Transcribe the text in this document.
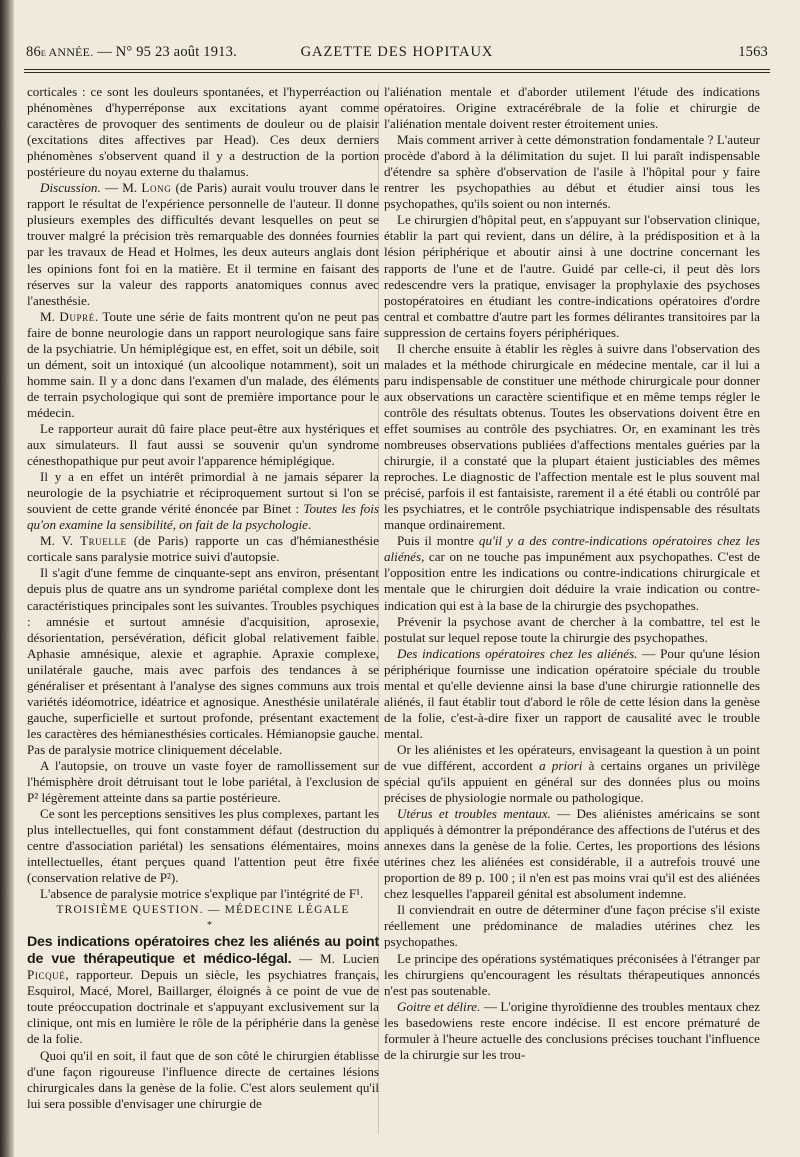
86e ANNÉE. — N° 95 23 août 1913.	GAZETTE DES HOPITAUX	1563

corticales : ce sont les douleurs spontanées, et l'hyperréaction ou phénomènes d'hyperréponse aux excitations ayant comme caractères de provoquer des sentiments de douleur ou de plaisir (excitations dites affectives par Head). Ces deux derniers phénomènes s'observent quand il y a destruction de la portion postérieure du noyau externe du thalamus.

Discussion. — M. Long (de Paris) aurait voulu trouver dans le rapport le résultat de l'expérience personnelle de l'auteur. Il donne plusieurs exemples des difficultés devant lesquelles on peut se trouver malgré la précision très remarquable des données fournies par les travaux de Head et Holmes, les deux auteurs anglais dont les opinions font foi en la matière. Et il termine en faisant des réserves sur la valeur des rapports anatomiques connus avec l'anesthésie.

M. Dupré. Toute une série de faits montrent qu'on ne peut pas faire de bonne neurologie dans un rapport neurologique sans faire de la psychiatrie. Un hémiplégique est, en effet, soit un débile, soit un dément, soit un intoxiqué (un alcoolique notamment), soit un homme sain. Il y a donc dans l'examen d'un malade, des éléments de terrain psychologique qui sont de première importance pour le médecin.

Le rapporteur aurait dû faire place peut-être aux hystériques et aux simulateurs. Il faut aussi se souvenir qu'un syndrome cénesthopathique pur peut avoir l'apparence hémiplégique.

Il y a en effet un intérêt primordial à ne jamais séparer la neurologie de la psychiatrie et réciproquement surtout si l'on se souvient de cette grande vérité énoncée par Binet : Toutes les fois qu'on examine la sensibilité, on fait de la psychologie.

M. V. Truelle (de Paris) rapporte un cas d'hémianesthésie corticale sans paralysie motrice suivi d'autopsie.

Il s'agit d'une femme de cinquante-sept ans environ, présentant depuis plus de quatre ans un syndrome pariétal complexe dont les caractéristiques principales sont les suivantes. Troubles psychiques : amnésie et surtout amnésie d'acquisition, aprosexie, désorientation, persévération, déficit global relativement faible. Aphasie amnésique, alexie et agraphie. Apraxie complexe, unilatérale gauche, mais avec parfois des tendances à se généraliser et présentant à l'analyse des signes communs aux trois variétés idéomotrice, idéatrice et agnosique. Anesthésie unilatérale gauche, superficielle et surtout profonde, présentant exactement les caractères des hémianesthésies corticales. Hémianopsie gauche. Pas de paralysie motrice cliniquement décelable.

A l'autopsie, on trouve un vaste foyer de ramollissement sur l'hémisphère droit détruisant tout le lobe pariétal, à l'exclusion de P² légèrement atteinte dans sa partie postérieure.

Ce sont les perceptions sensitives les plus complexes, partant les plus intellectuelles, qui font constamment défaut (destruction du centre d'association pariétal) les sensations élémentaires, moins intellectuelles, étant perçues quand l'attention peut être fixée (conservation relative de P²).

L'absence de paralysie motrice s'explique par l'intégrité de F¹.

TROISIÈME QUESTION. — MÉDECINE LÉGALE

*

Des indications opératoires chez les aliénés au point de vue thérapeutique et médico-légal. — M. Lucien Picqué, rapporteur. Depuis un siècle, les psychiatres français, Esquirol, Macé, Morel, Baillarger, éloignés à ce point de vue de toute préoccupation doctrinale et s'appuyant exclusivement sur la clinique, ont mis en lumière le rôle de la périphérie dans la genèse de la folie.

Quoi qu'il en soit, il faut que de son côté le chirurgien établisse d'une façon rigoureuse l'influence directe de certaines lésions chirurgicales dans la genèse de la folie. C'est alors seulement qu'il lui sera possible d'envisager une chirurgie de

l'aliénation mentale et d'aborder utilement l'étude des indications opératoires. Origine extracérébrale de la folie et chirurgie de l'aliénation mentale doivent rester étroitement unies.

Mais comment arriver à cette démonstration fondamentale ? L'auteur procède d'abord à la délimitation du sujet. Il lui paraît indispensable d'étendre sa sphère d'observation de l'asile à l'hôpital pour y faire rentrer les psychopathies au début et étudier ainsi tous les psychopathes, qu'ils soient ou non internés.

Le chirurgien d'hôpital peut, en s'appuyant sur l'observation clinique, établir la part qui revient, dans un délire, à la prédisposition et à la lésion périphérique et aboutir ainsi à une doctrine concernant les rapports de l'une et de l'autre. Guidé par celle-ci, il peut dès lors redescendre vers la pratique, envisager la prophylaxie des psychoses postopératoires en étudiant les contre-indications opératoires d'ordre central et combattre d'autre part les formes délirantes transitoires par la suppression de certains foyers périphériques.

Il cherche ensuite à établir les règles à suivre dans l'observation des malades et la méthode chirurgicale en médecine mentale, car il lui a paru indispensable de constituer une méthode chirurgicale pour donner aux observations un caractère scientifique et en même temps régler le contrôle des résultats obtenus. Toutes les observations doivent être en effet soumises au contrôle des psychiatres. Or, en examinant les très nombreuses observations publiées d'affections mentales guéries par la chirurgie, il a constaté que la plupart étaient justiciables des mêmes reproches. Le diagnostic de l'affection mentale est le plus souvent mal précisé, parfois il est fantaisiste, rarement il a été établi ou contrôlé par les psychiatres, et le contrôle psychiatrique indispensable des résultats manque ordinairement.

Puis il montre qu'il y a des contre-indications opératoires chez les aliénés, car on ne touche pas impunément aux psychopathes. C'est de l'opposition entre les indications ou contre-indications chirurgicale et mentale que le chirurgien doit déduire la vraie indication ou contre-indication qui est à la base de la chirurgie des psychopathes.

Prévenir la psychose avant de chercher à la combattre, tel est le postulat sur lequel repose toute la chirurgie des psychopathes.

Des indications opératoires chez les aliénés. — Pour qu'une lésion périphérique fournisse une indication opératoire spéciale du trouble mental et qu'elle devienne ainsi la base d'une chirurgie rationnelle des aliénés, il faut établir tout d'abord le rôle de cette lésion dans la genèse de la folie, c'est-à-dire fixer un rapport de causalité avec le trouble mental.

Or les aliénistes et les opérateurs, envisageant la question à un point de vue différent, accordent a priori à certains organes un privilège spécial qu'ils appuient en général sur des données plus ou moins précises de physiologie normale ou pathologique.

Utérus et troubles mentaux. — Des aliénistes américains se sont appliqués à démontrer la prépondérance des affections de l'utérus et des annexes dans la genèse de la folie. Certes, les proportions des lésions utérines chez les aliénées est considérable, il a autrefois trouvé une proportion de 89 p. 100 ; il n'en est pas moins vrai qu'il est des aliénées chez lesquelles l'appareil génital est absolument indemne.

Il conviendrait en outre de déterminer d'une façon précise s'il existe réellement une prédominance de maladies utérines chez les psychopathes.

Le principe des opérations systématiques préconisées à l'étranger par les chirurgiens qu'encouragent les résultats thérapeutiques annoncés n'est pas soutenable.

Goitre et délire. — L'origine thyroïdienne des troubles mentaux chez les basedowiens reste encore indécise. Il est encore prématuré de formuler à l'heure actuelle des conclusions précises touchant l'influence de la chirurgie sur les trou-
